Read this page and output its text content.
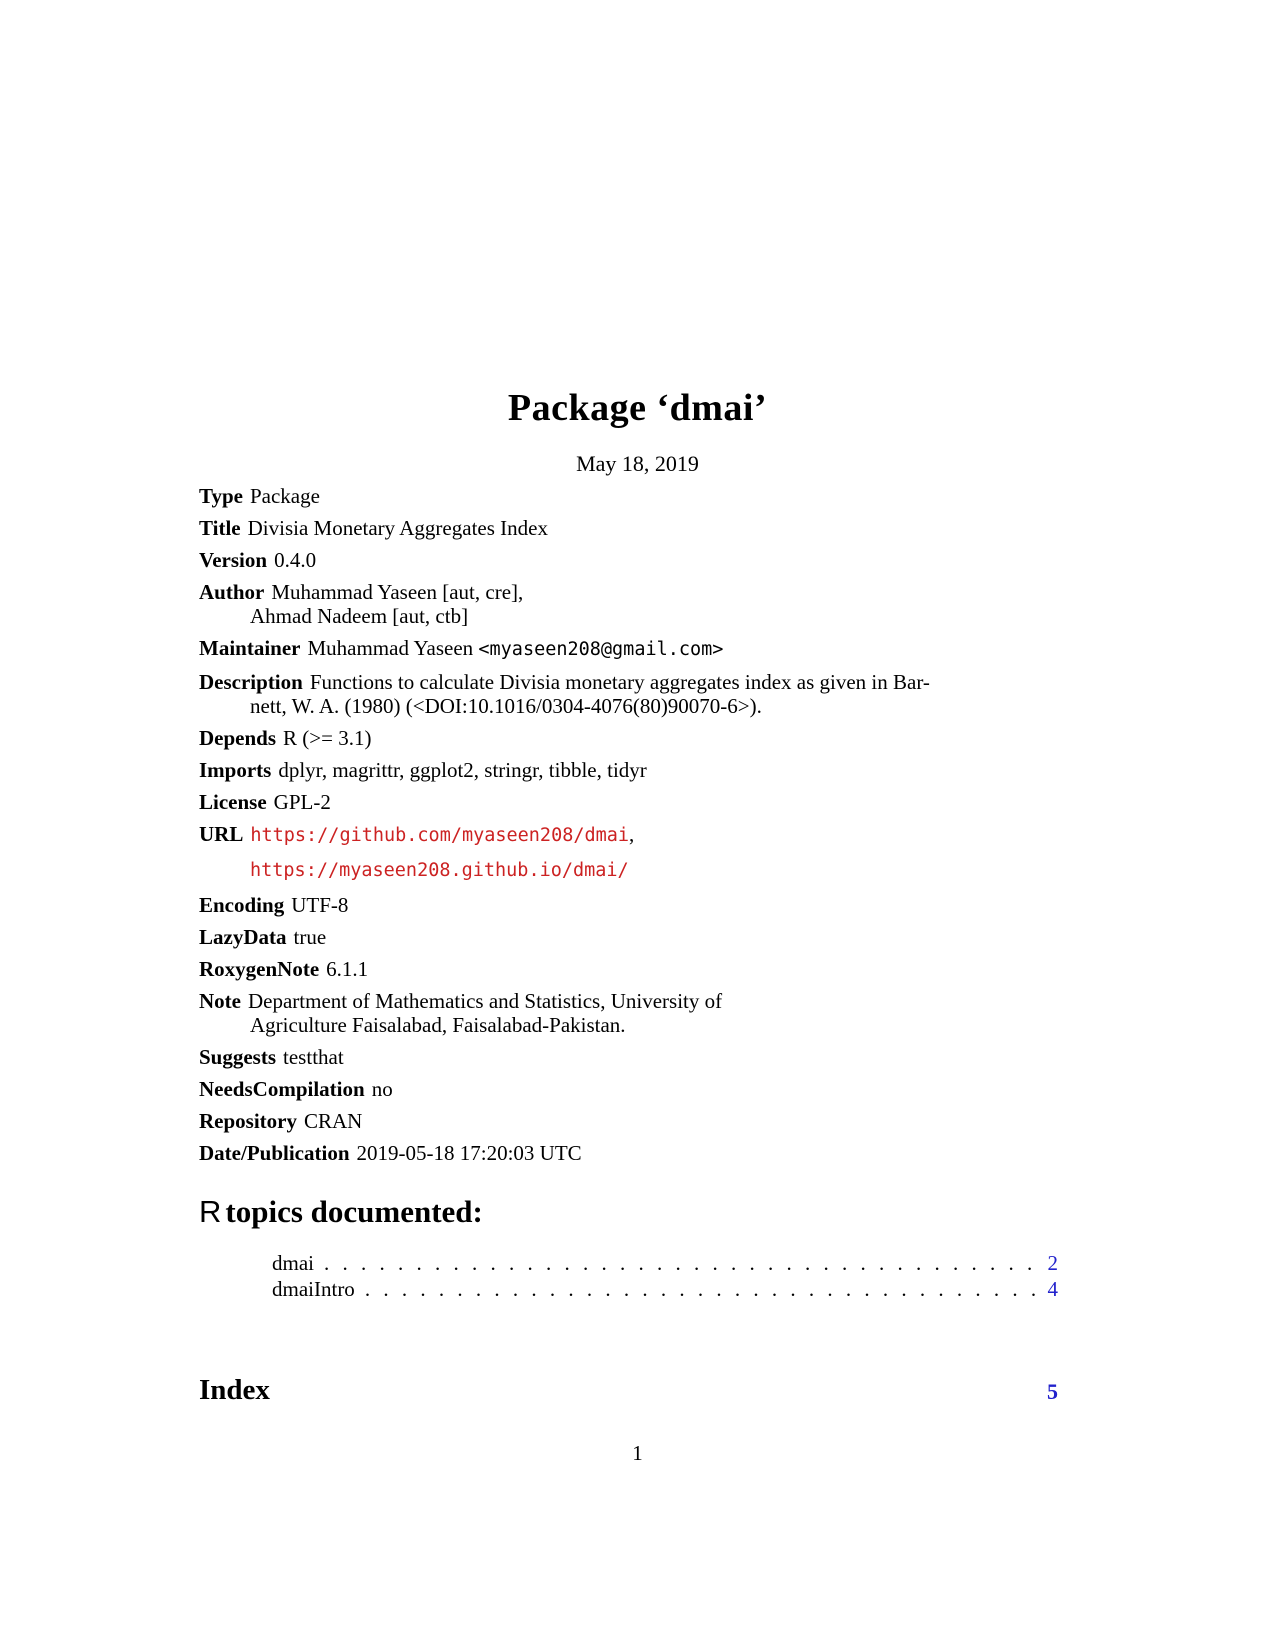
Package ‘dmai’
May 18, 2019
Type Package
Title Divisia Monetary Aggregates Index
Version 0.4.0
Author Muhammad Yaseen [aut, cre],
Ahmad Nadeem [aut, ctb]
Maintainer Muhammad Yaseen <myaseen208@gmail.com>
Description Functions to calculate Divisia monetary aggregates index as given in Bar-
nett, W. A. (1980) (<DOI:10.1016/0304-4076(80)90070-6>).
Depends R (>= 3.1)
Imports dplyr, magrittr, ggplot2, stringr, tibble, tidyr
License GPL-2
URL https://github.com/myaseen208/dmai,
https://myaseen208.github.io/dmai/
Encoding UTF-8
LazyData true
RoxygenNote 6.1.1
Note Department of Mathematics and Statistics, University of
Agriculture Faisalabad, Faisalabad-Pakistan.
Suggests testthat
NeedsCompilation no
Repository CRAN
Date/Publication 2019-05-18 17:20:03 UTC
R topics documented:
dmai . . .	2
dmaiIntro . . .	4
Index	5
1
